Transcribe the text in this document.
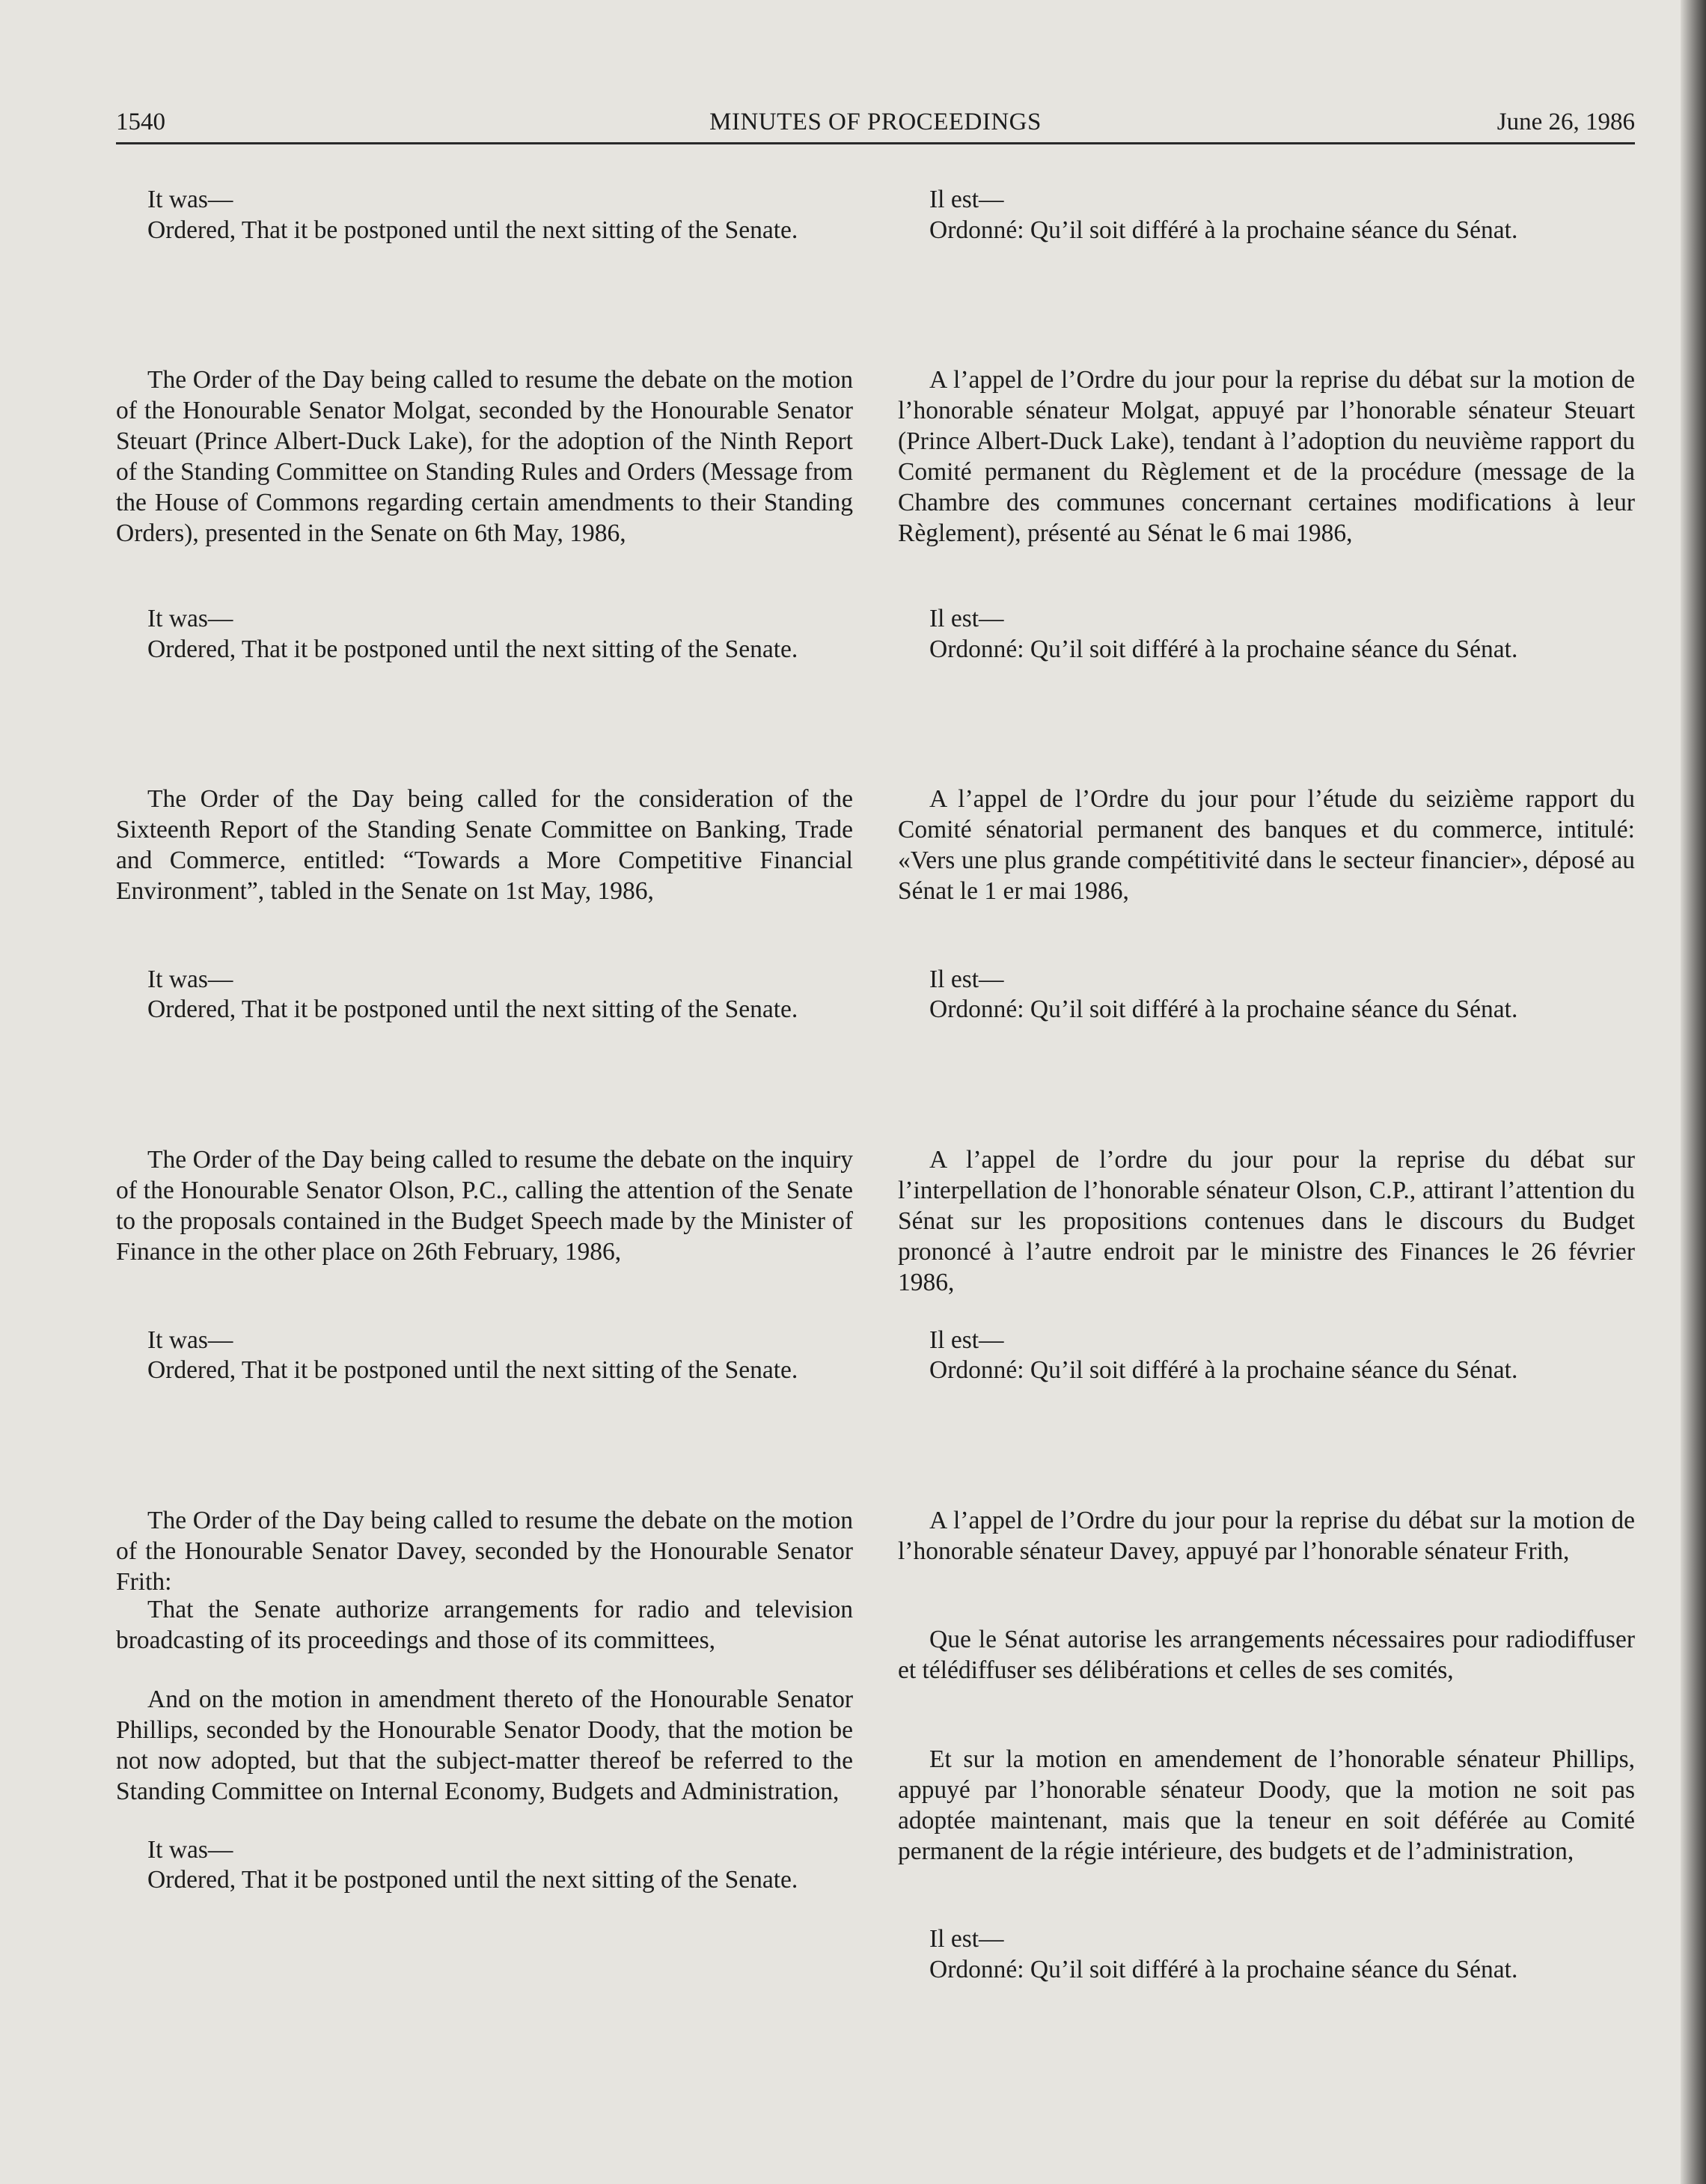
1540	MINUTES OF PROCEEDINGS	June 26, 1986

It was—

Ordered, That it be postponed until the next sitting of the Senate.

The Order of the Day being called to resume the debate on the motion of the Honourable Senator Molgat, seconded by the Honourable Senator Steuart (Prince Albert-Duck Lake), for the adoption of the Ninth Report of the Standing Committee on Standing Rules and Orders (Message from the House of Commons regarding certain amendments to their Standing Orders), presented in the Senate on 6th May, 1986,

It was—

Ordered, That it be postponed until the next sitting of the Senate.

The Order of the Day being called for the consideration of the Sixteenth Report of the Standing Senate Committee on Banking, Trade and Commerce, entitled: “Towards a More Competitive Financial Environment”, tabled in the Senate on 1st May, 1986,

It was—

Ordered, That it be postponed until the next sitting of the Senate.

The Order of the Day being called to resume the debate on the inquiry of the Honourable Senator Olson, P.C., calling the attention of the Senate to the proposals contained in the Budget Speech made by the Minister of Finance in the other place on 26th February, 1986,

It was—

Ordered, That it be postponed until the next sitting of the Senate.

The Order of the Day being called to resume the debate on the motion of the Honourable Senator Davey, seconded by the Honourable Senator Frith:

That the Senate authorize arrangements for radio and television broadcasting of its proceedings and those of its committees,

And on the motion in amendment thereto of the Honourable Senator Phillips, seconded by the Honourable Senator Doody, that the motion be not now adopted, but that the subject-matter thereof be referred to the Standing Committee on Internal Economy, Budgets and Administration,

It was—

Ordered, That it be postponed until the next sitting of the Senate.

Il est—

Ordonné: Qu’il soit différé à la prochaine séance du Sénat.

A l’appel de l’Ordre du jour pour la reprise du débat sur la motion de l’honorable sénateur Molgat, appuyé par l’honorable sénateur Steuart (Prince Albert-Duck Lake), tendant à l’adoption du neuvième rapport du Comité permanent du Règlement et de la procédure (message de la Chambre des communes concernant certaines modifications à leur Règlement), présenté au Sénat le 6 mai 1986,

Il est—

Ordonné: Qu’il soit différé à la prochaine séance du Sénat.

A l’appel de l’Ordre du jour pour l’étude du seizième rapport du Comité sénatorial permanent des banques et du commerce, intitulé: «Vers une plus grande compétitivité dans le secteur financier», déposé au Sénat le 1 er mai 1986,

Il est—

Ordonné: Qu’il soit différé à la prochaine séance du Sénat.

A l’appel de l’ordre du jour pour la reprise du débat sur l’interpellation de l’honorable sénateur Olson, C.P., attirant l’attention du Sénat sur les propositions contenues dans le discours du Budget prononcé à l’autre endroit par le ministre des Finances le 26 février 1986,

Il est—

Ordonné: Qu’il soit différé à la prochaine séance du Sénat.

A l’appel de l’Ordre du jour pour la reprise du débat sur la motion de l’honorable sénateur Davey, appuyé par l’honorable sénateur Frith,

Que le Sénat autorise les arrangements nécessaires pour radiodiffuser et télédiffuser ses délibérations et celles de ses comités,

Et sur la motion en amendement de l’honorable sénateur Phillips, appuyé par l’honorable sénateur Doody, que la motion ne soit pas adoptée maintenant, mais que la teneur en soit déférée au Comité permanent de la régie intérieure, des budgets et de l’administration,

Il est—

Ordonné: Qu’il soit différé à la prochaine séance du Sénat.
